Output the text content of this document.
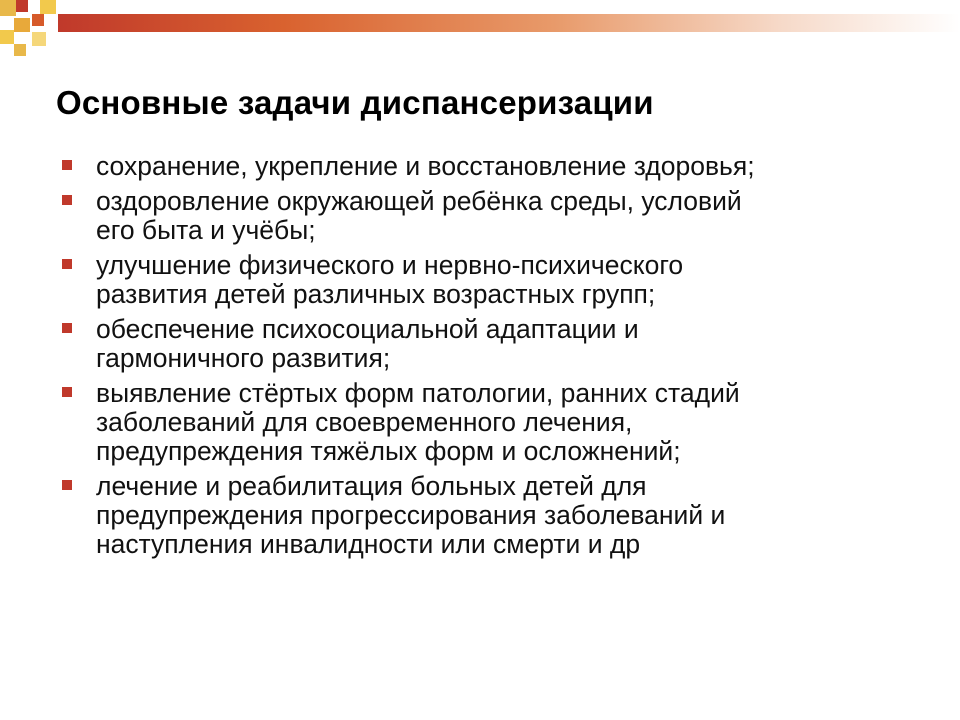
Основные задачи диспансеризации
сохранение, укрепление и восстановление здоровья;
оздоровление окружающей ребёнка среды, условий
его быта и учёбы;
улучшение физического и нервно-психического
развития детей различных возрастных групп;
обеспечение психосоциальной адаптации и
гармоничного развития;
выявление стёртых форм патологии, ранних стадий
заболеваний для своевременного лечения,
предупреждения тяжёлых форм и осложнений;
лечение и реабилитация больных детей для
предупреждения прогрессирования заболеваний и
наступления инвалидности или смерти и др
